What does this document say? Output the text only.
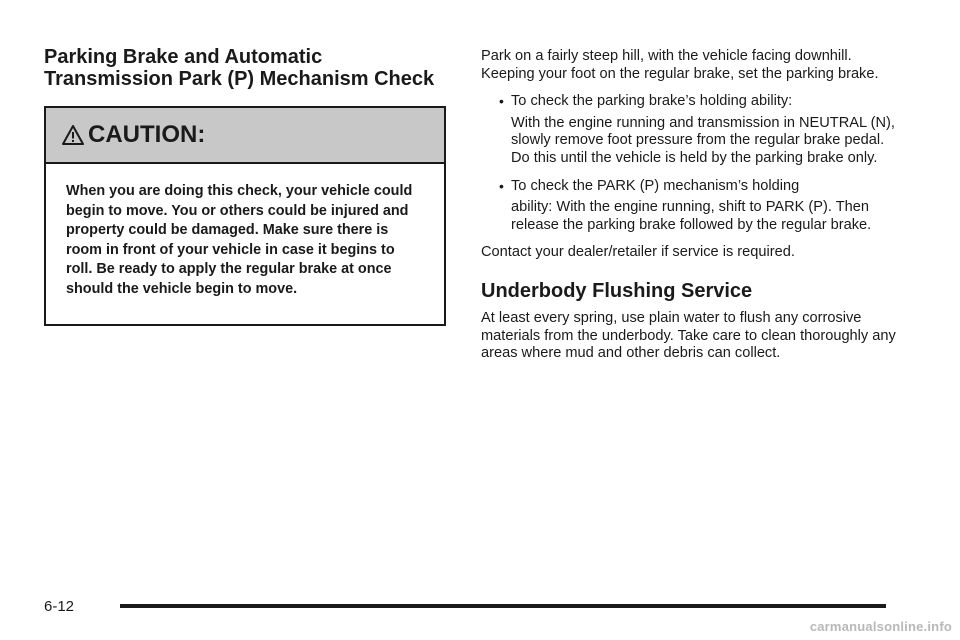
Parking Brake and Automatic
Transmission Park (P) Mechanism Check
CAUTION:
When you are doing this check, your vehicle could begin to move. You or others could be injured and property could be damaged. Make sure there is room in front of your vehicle in case it begins to roll. Be ready to apply the regular brake at once should the vehicle begin to move.

Park on a fairly steep hill, with the vehicle facing downhill. Keeping your foot on the regular brake, set the parking brake.

• To check the parking brake’s holding ability:
With the engine running and transmission in NEUTRAL (N), slowly remove foot pressure from the regular brake pedal. Do this until the vehicle is held by the parking brake only.
• To check the PARK (P) mechanism’s holding
ability: With the engine running, shift to PARK (P). Then release the parking brake followed by the regular brake.

Contact your dealer/retailer if service is required.

Underbody Flushing Service

At least every spring, use plain water to flush any corrosive materials from the underbody. Take care to clean thoroughly any areas where mud and other debris can collect.

6-12
carmanualsonline.info
